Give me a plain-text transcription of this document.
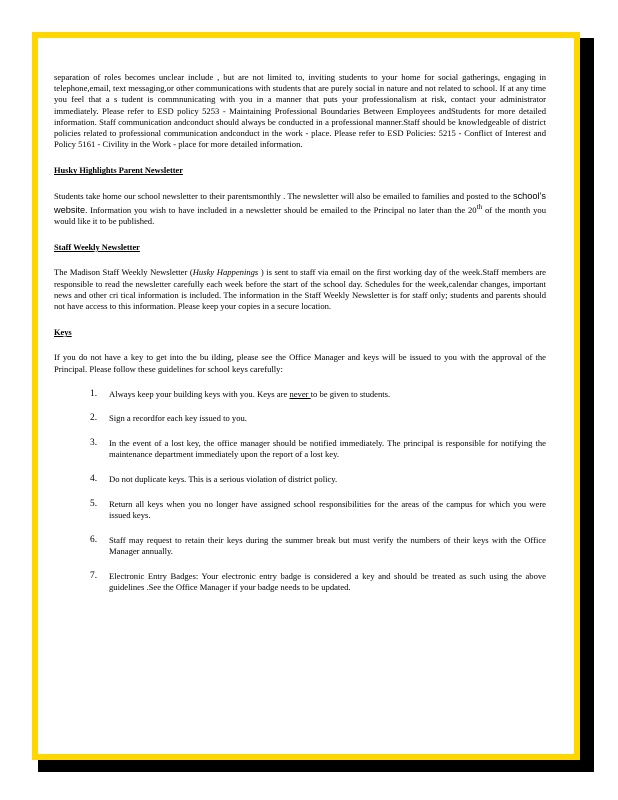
separation of roles becomes unclear include , but are not limited to, inviting students to your home for social gatherings, engaging in telephone,email, text messaging,or other communications with students that are purely social in nature and not related to school. If at any time you feel that a s tudent is commnunicating with you in a manner that puts your professionalism at risk, contact your administrator immediately. Please refer to ESD policy 5253 - Maintaining Professional Boundaries Between Employees andStudents for more detailed information. Staff communication andconduct should always be conducted in a professional manner.Staff should be knowledgeable of district policies related to professional communication andconduct in the work - place. Please refer to ESD Policies: 5215 - Conflict of Interest and Policy 5161 - Civility in the Work - place for more detailed information.

Husky Highlights Parent Newsletter

Students take home our school newsletter to their parentsmonthly . The newsletter will also be emailed to families and posted to the school’s website. Information you wish to have included in a newsletter should be emailed to the Principal no later than the 20th of the month you would like it to be published.

Staff Weekly Newsletter

The Madison Staff Weekly Newsletter (Husky Happenings ) is sent to staff via email on the first working day of the week.Staff members are responsible to read the newsletter carefully each week before the start of the school day. Schedules for the week,calendar changes, important news and other cri tical information is included. The information in the Staff Weekly Newsletter is for staff only; students and parents should not have access to this information. Please keep your copies in a secure location.

Keys

If you do not have a key to get into the bu ilding, please see the Office Manager and keys will be issued to you with the approval of the Principal. Please follow these guidelines for school keys carefully:

1. Always keep your building keys with you. Keys are never to be given to students.
2. Sign a recordfor each key issued to you.
3. In the event of a lost key, the office manager should be notified immediately. The principal is responsible for notifying the maintenance department immediately upon the report of a lost key.
4. Do not duplicate keys. This is a serious violation of district policy.
5. Return all keys when you no longer have assigned school responsibilities for the areas of the campus for which you were issued keys.
6. Staff may request to retain their keys during the summer break but must verify the numbers of their keys with the Office Manager annually.
7. Electronic Entry Badges: Your electronic entry badge is considered a key and should be treated as such using the above guidelines .See the Office Manager if your badge needs to be updated.
